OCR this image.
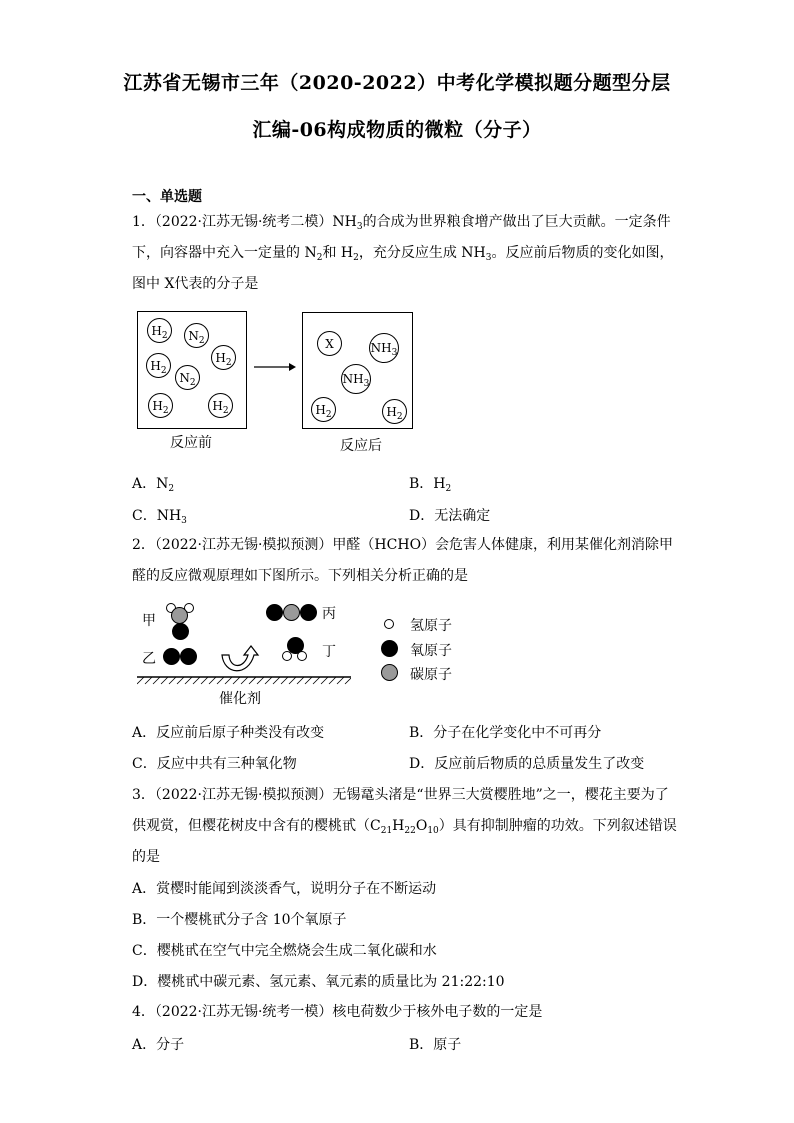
江苏省无锡市三年（2020-2022）中考化学模拟题分题型分层
汇编-06构成物质的微粒（分子）
一、单选题
1．（2022·江苏无锡·统考二模）$NH_3$的合成为世界粮食增产做出了巨大贡献。一定条件
下，向容器中充入一定量的 $N_2$和 $H_2$，充分反应生成 $NH_3$。反应前后物质的变化如图，
图中 X代表的分子是
$H_2$	$N_2$
$H_2$
$H_2$
$N_2$
$H_2$	$H_2$
X	$NH_3$
$NH_3$
$H_2$	$H_2$
反应前	反应后
A．$N_2$	B．$H_2$
C．$NH_3$	D．无法确定
2．（2022·江苏无锡·模拟预测）甲醛（HCHO）会危害人体健康，利用某催化剂消除甲
醛的反应微观原理如下图所示。下列相关分析正确的是
甲
乙
丙
丁
催化剂
氢原子
氧原子
碳原子
A．反应前后原子种类没有改变	B．分子在化学变化中不可再分
C．反应中共有三种氧化物	D．反应前后物质的总质量发生了改变
3．（2022·江苏无锡·模拟预测）无锡鼋头渚是“世界三大赏樱胜地”之一，樱花主要为了
供观赏，但樱花树皮中含有的樱桃甙$(C_{21}H_{22}O_{10})$具有抑制肿瘤的功效。下列叙述错误
的是
A．赏樱时能闻到淡淡香气，说明分子在不断运动
B．一个樱桃甙分子含 10个氧原子
C．樱桃甙在空气中完全燃烧会生成二氧化碳和水
D．樱桃甙中碳元素、氢元素、氧元素的质量比为 21:22:10
4．（2022·江苏无锡·统考一模）核电荷数少于核外电子数的一定是
A．分子	B．原子
